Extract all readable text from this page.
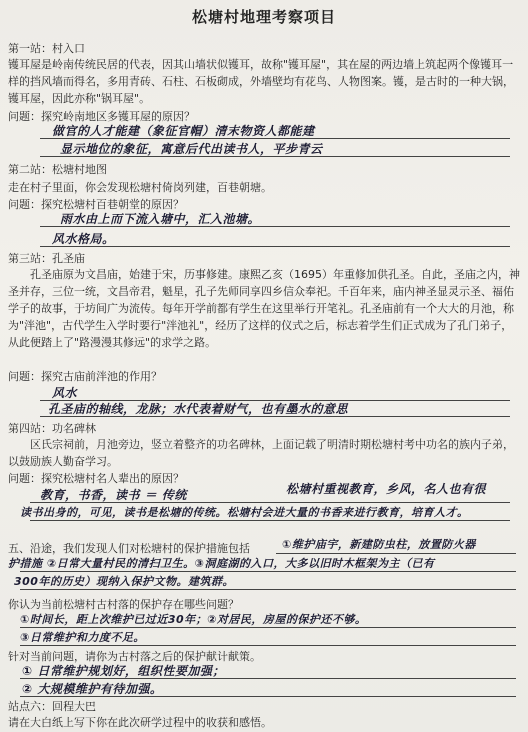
松塘村地理考察项目
第一站：村入口
镬耳屋是岭南传统民居的代表，因其山墙状似镬耳，故称"镬耳屋"，其在屋的两边墙上筑起两个像镬耳一样的挡风墙而得名，多用青砖、石柱、石板砌成，外墙壁均有花鸟、人物图案。镬，是古时的一种大锅，镬耳屋，因此亦称"锅耳屋"。
问题：探究岭南地区多镬耳屋的原因？
做官的人才能建（象征官帽）清末物资人都能建
显示地位的象征，寓意后代出读书人，平步青云
第二站：松塘村地图
走在村子里面，你会发现松塘村倚岗列建，百巷朝塘。
问题：探究松塘村百巷朝堂的原因？
雨水由上而下流入塘中，汇入池塘。
风水格局。
第三站：孔圣庙
孔圣庙原为文昌庙，始建于宋，历事修建。康熙乙亥（1695）年重修加供孔圣。自此，圣庙之内，神圣并存，三位一统，文昌帝君，魁星，孔子先师同享四乡信众奉祀。千百年来，庙内神圣显灵示圣、福佑学子的故事，于坊间广为流传。每年开学前都有学生在这里举行开笔礼。孔圣庙前有一个大大的月池，称为"泮池"，古代学生入学时要行"泮池礼"，经历了这样的仪式之后，标志着学生们正式成为了孔门弟子，从此便踏上了"路漫漫其修远"的求学之路。
问题：探究古庙前泮池的作用？
风水
孔圣庙的轴线，龙脉；水代表着财气，也有墨水的意思
第四站：功名碑林
区氏宗祠前，月池旁边，竖立着整齐的功名碑林，上面记载了明清时期松塘村考中功名的族内子弟，以鼓励族人勤奋学习。
问题：探究松塘村名人辈出的原因？
教育，书香，读书 ＝ 传统	松塘村重视教育，乡风，名人也有很
读书出身的，可见，读书是松塘的传统。松塘村会进大量的书香来进行教育，培育人才。
五、沿途，我们发现人们对松塘村的保护措施包括	①维护庙宇，新建防虫柱，放置防火器
护措施 ②日常大量村民的清扫卫生。③洞庭湖的入口，大多以旧时木框架为主（已有
300年的历史）现纳入保护文物。建筑群。
你认为当前松塘村古村落的保护存在哪些问题？
①时间长，距上次维护已过近30年；②对居民，房屋的保护还不够。
③日常维护和力度不足。
针对当前问题，请你为古村落之后的保护献计献策。
① 日常维护规划好，组织性要加强；
② 大规模维护有待加强。
站点六：回程大巴
请在大白纸上写下你在此次研学过程中的收获和感悟。
